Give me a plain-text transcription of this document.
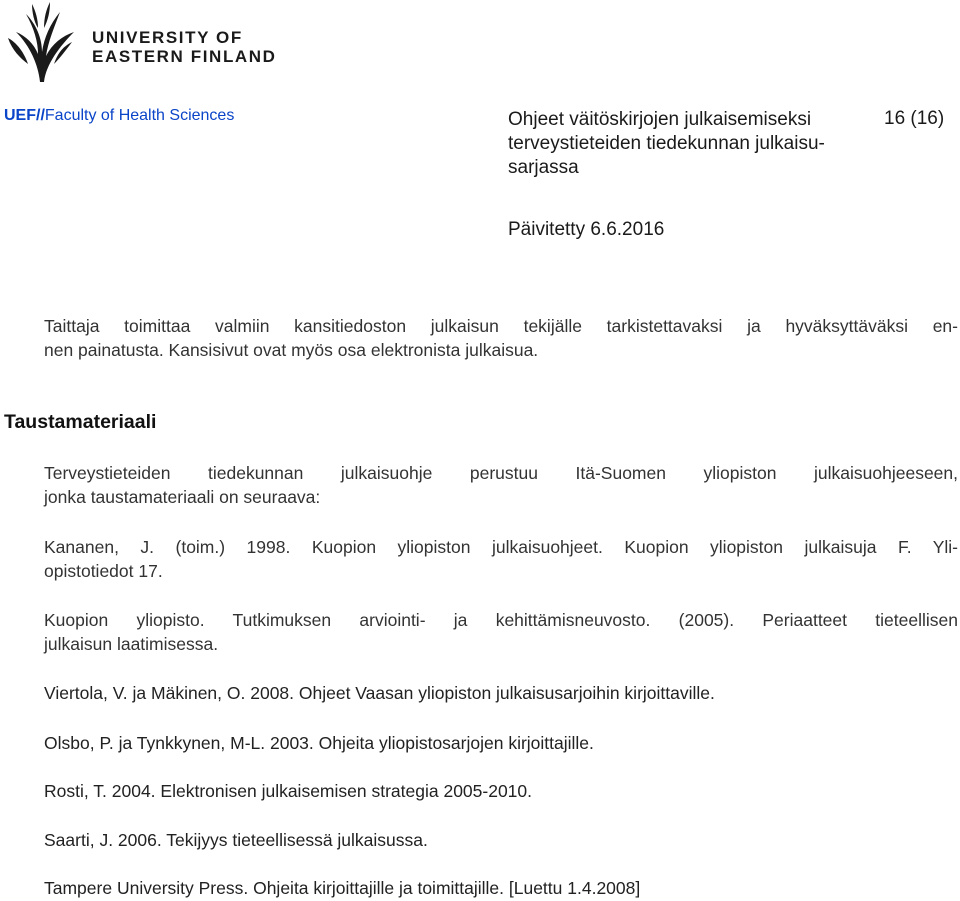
UNIVERSITY OF
EASTERN FINLAND
UEF//Faculty of Health Sciences	Ohjeet väitöskirjojen julkaisemiseksi
terveystieteiden tiedekunnan julkaisu-
sarjassa
16 (16)
Päivitetty 6.6.2016
Taittaja toimittaa valmiin kansitiedoston julkaisun tekijälle tarkistettavaksi ja hyväksyttäväksi en-
nen painatusta. Kansisivut ovat myös osa elektronista julkaisua.
Taustamateriaali
Terveystieteiden tiedekunnan julkaisuohje perustuu Itä-Suomen yliopiston julkaisuohjeeseen,
jonka taustamateriaali on seuraava:
Kananen, J. (toim.) 1998. Kuopion yliopiston julkaisuohjeet. Kuopion yliopiston julkaisuja F. Yli-
opistotiedot 17.
Kuopion yliopisto. Tutkimuksen arviointi- ja kehittämisneuvosto. (2005). Periaatteet tieteellisen
julkaisun laatimisessa.
Viertola, V. ja Mäkinen, O. 2008. Ohjeet Vaasan yliopiston julkaisusarjoihin kirjoittaville.
Olsbo, P. ja Tynkkynen, M-L. 2003. Ohjeita yliopistosarjojen kirjoittajille.
Rosti, T. 2004. Elektronisen julkaisemisen strategia 2005-2010.
Saarti, J. 2006. Tekijyys tieteellisessä julkaisussa.
Tampere University Press. Ohjeita kirjoittajille ja toimittajille. [Luettu 1.4.2008]
